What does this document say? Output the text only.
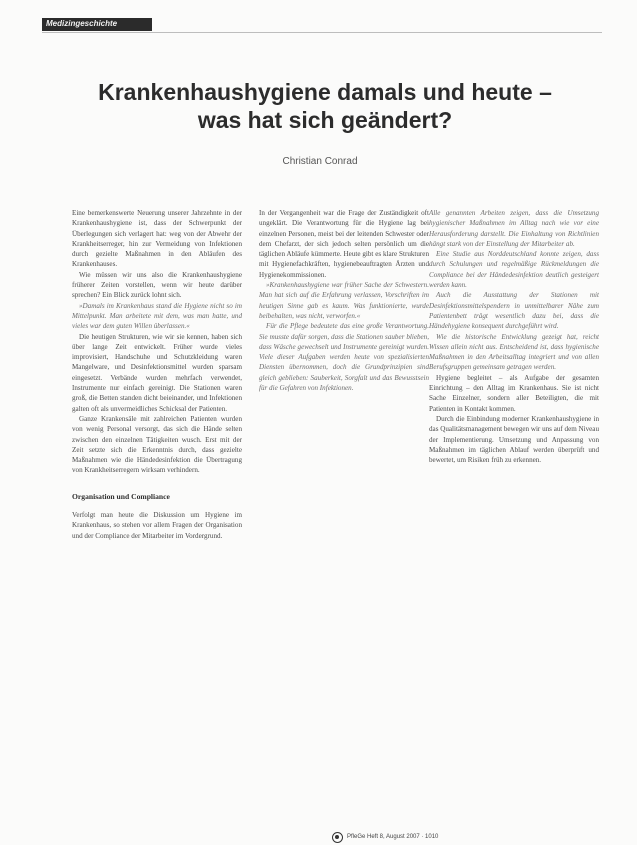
Medizingeschichte
Krankenhaushygiene damals und heute –
was hat sich geändert?
Christian Conrad

Eine bemerkenswerte Neuerung unserer Jahrzehnte in der Krankenhaushygiene ist, dass der Schwerpunkt der Überlegungen sich verlagert hat: weg von der Abwehr der Krankheitserreger, hin zur Vermeidung von Infektionen durch gezielte Maßnahmen in den Abläufen des Krankenhauses.

Wie müssen wir uns also die Krankenhaushygiene früherer Zeiten vorstellen, wenn wir heute darüber sprechen? Ein Blick zurück lohnt sich.

»Damals im Krankenhaus stand die Hygiene nicht so im Mittelpunkt. Man arbeitete mit dem, was man hatte, und vieles war dem guten Willen überlassen.«

Die heutigen Strukturen, wie wir sie kennen, haben sich über lange Zeit entwickelt. Früher wurde vieles improvisiert, Handschuhe und Schutzkleidung waren Mangelware, und Desinfektionsmittel wurden sparsam eingesetzt. Verbände wurden mehrfach verwendet, Instrumente nur einfach gereinigt. Die Stationen waren groß, die Betten standen dicht beieinander, und Infektionen galten oft als unvermeidliches Schicksal der Patienten.

Ganze Krankensäle mit zahlreichen Patienten wurden von wenig Personal versorgt, das sich die Hände selten zwischen den einzelnen Tätigkeiten wusch. Erst mit der Zeit setzte sich die Erkenntnis durch, dass gezielte Maßnahmen wie die Händedesinfektion die Übertragung von Krankheitserregern wirksam verhindern.

Organisation und Compliance

Verfolgt man heute die Diskussion um Hygiene im Krankenhaus, so stehen vor allem Fragen der Organisation und der Compliance der Mitarbeiter im Vordergrund.

In der Vergangenheit war die Frage der Zuständigkeit oft ungeklärt. Die Verantwortung für die Hygiene lag bei einzelnen Personen, meist bei der leitenden Schwester oder dem Chefarzt, der sich jedoch selten persönlich um die täglichen Abläufe kümmerte. Heute gibt es klare Strukturen mit Hygienefachkräften, hygienebeauftragten Ärzten und Hygienekommissionen.

»Krankenhaushygiene war früher Sache der Schwestern. Man hat sich auf die Erfahrung verlassen, Vorschriften im heutigen Sinne gab es kaum. Was funktionierte, wurde beibehalten, was nicht, verworfen.«

Für die Pflege bedeutete das eine große Verantwortung. Sie musste dafür sorgen, dass die Stationen sauber blieben, dass Wäsche gewechselt und Instrumente gereinigt wurden. Viele dieser Aufgaben werden heute von spezialisierten Diensten übernommen, doch die Grundprinzipien sind gleich geblieben: Sauberkeit, Sorgfalt und das Bewusstsein für die Gefahren von Infektionen.

Alle genannten Arbeiten zeigen, dass die Umsetzung hygienischer Maßnahmen im Alltag nach wie vor eine Herausforderung darstellt. Die Einhaltung von Richtlinien hängt stark von der Einstellung der Mitarbeiter ab.

Eine Studie aus Norddeutschland konnte zeigen, dass durch Schulungen und regelmäßige Rückmeldungen die Compliance bei der Händedesinfektion deutlich gesteigert werden kann.

Auch die Ausstattung der Stationen mit Desinfektionsmittelspendern in unmittelbarer Nähe zum Patientenbett trägt wesentlich dazu bei, dass die Händehygiene konsequent durchgeführt wird.

Wie die historische Entwicklung gezeigt hat, reicht Wissen allein nicht aus. Entscheidend ist, dass hygienische Maßnahmen in den Arbeitsalltag integriert und von allen Berufsgruppen gemeinsam getragen werden.

Hygiene begleitet – als Aufgabe der gesamten Einrichtung – den Alltag im Krankenhaus. Sie ist nicht Sache Einzelner, sondern aller Beteiligten, die mit Patienten in Kontakt kommen.

Durch die Einbindung moderner Krankenhaushygiene in das Qualitätsmanagement bewegen wir uns auf dem Niveau der Implementierung. Umsetzung und Anpassung von Maßnahmen im täglichen Ablauf werden überprüft und bewertet, um Risiken früh zu erkennen.

PfleGe Heft 8, August 2007 · 1010
